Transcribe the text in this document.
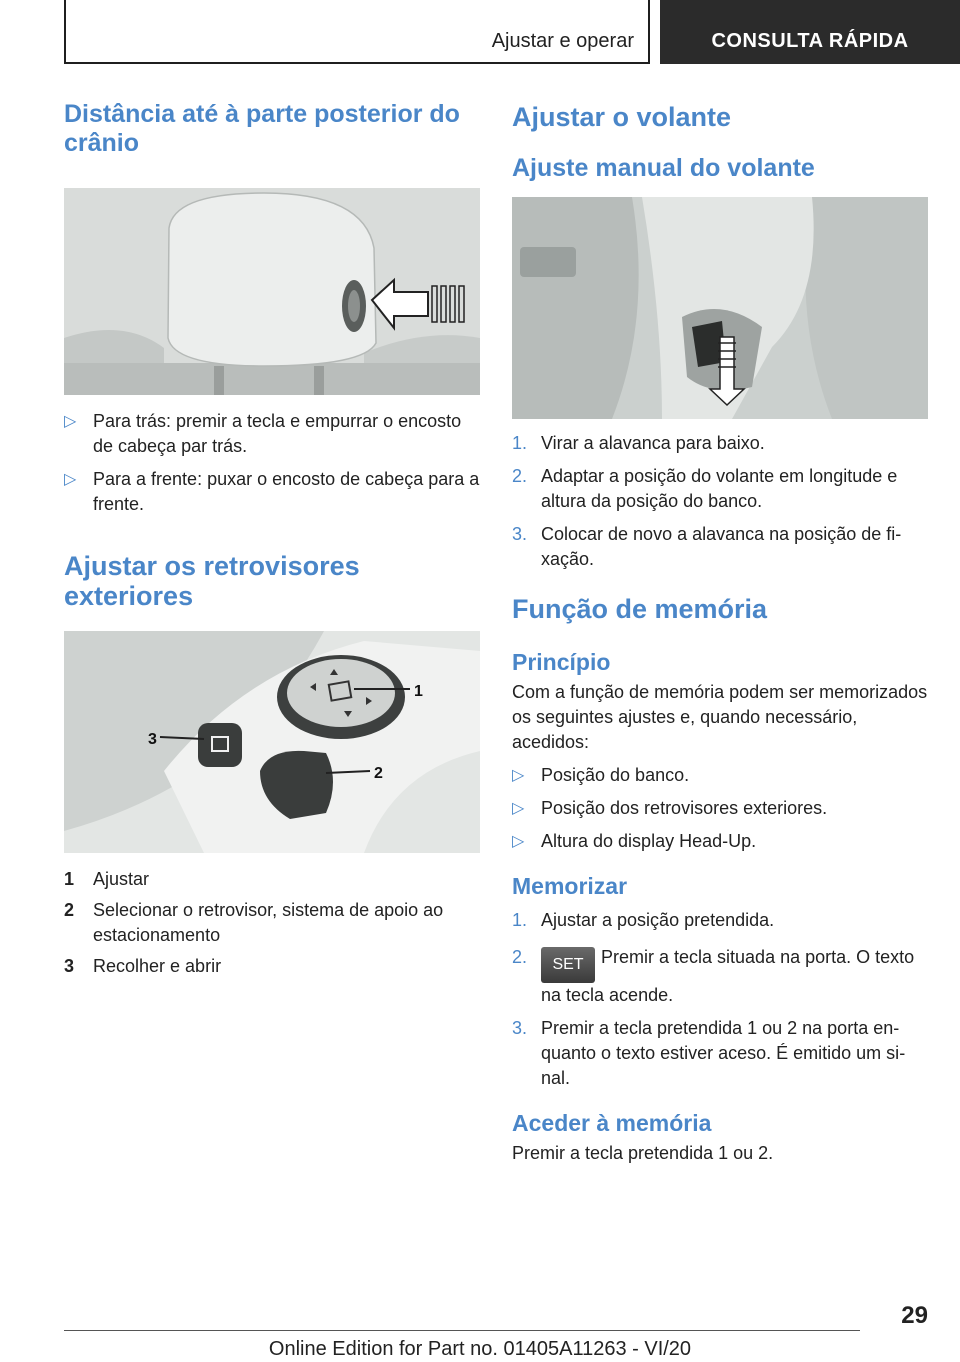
Ajustar e operar	CONSULTA RÁPIDA
Distância até à parte posterior do crânio
▷ Para trás: premir a tecla e empurrar o encosto de cabeça par trás.
▷ Para a frente: puxar o encosto de cabeça para a frente.
Ajustar os retrovisores exteriores
1
2
3
1 Ajustar
2 Selecionar o retrovisor, sistema de apoio ao estacionamento
3 Recolher e abrir
Ajustar o volante
Ajuste manual do volante
1. Virar a alavanca para baixo.
2. Adaptar a posição do volante em longitude e altura da posição do banco.
3. Colocar de novo a alavanca na posição de fixação.
Função de memória
Princípio

Com a função de memória podem ser memorizados os seguintes ajustes e, quando necessário, acedidos:

▷ Posição do banco.
▷ Posição dos retrovisores exteriores.
▷ Altura do display Head-Up.
Memorizar
1. Ajustar a posição pretendida.
2. SET Premir a tecla situada na porta. O texto na tecla acende.
3. Premir a tecla pretendida 1 ou 2 na porta enquanto o texto estiver aceso. É emitido um sinal.
Aceder à memória

Premir a tecla pretendida 1 ou 2.

29
Online Edition for Part no. 01405A11263 - VI/20
